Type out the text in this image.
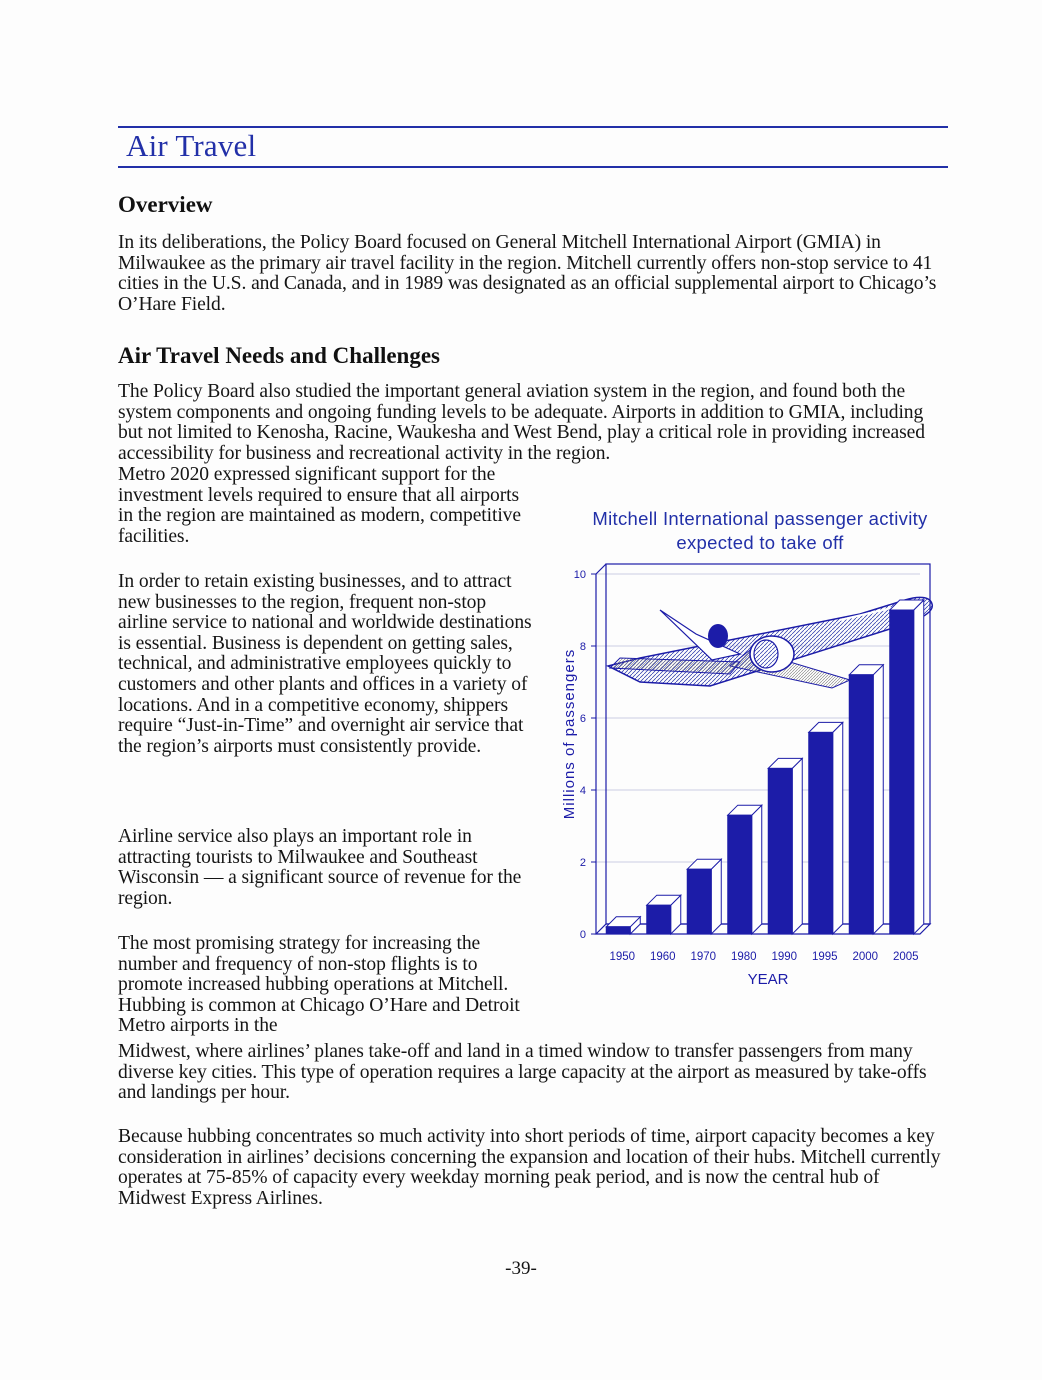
Air Travel
Overview

In its deliberations, the Policy Board focused on General Mitchell International Airport (GMIA) in Milwaukee as the primary air travel facility in the region. Mitchell currently offers non-stop service to 41 cities in the U.S. and Canada, and in 1989 was designated as an official supplemental airport to Chicago’s O’Hare Field.

Air Travel Needs and Challenges

The Policy Board also studied the important general aviation system in the region, and found both the system components and ongoing funding levels to be adequate. Airports in addition to GMIA, including but not limited to Kenosha, Racine, Waukesha and West Bend, play a critical role in providing increased accessibility for business and recreational activity in the region.

Metro 2020 expressed significant support for the investment levels required to ensure that all airports in the region are maintained as modern, competitive facilities.

In order to retain existing businesses, and to attract new businesses to the region, frequent non-stop airline service to national and worldwide destinations is essential. Business is dependent on getting sales, technical, and administrative employees quickly to customers and other plants and offices in a variety of locations. And in a competitive economy, shippers require “Just-in-Time” and overnight air service that the region’s airports must consistently provide.

Airline service also plays an important role in attracting tourists to Milwaukee and Southeast Wisconsin — a significant source of revenue for the region.

The most promising strategy for increasing the number and frequency of non-stop flights is to promote increased hubbing operations at Mitchell. Hubbing is common at Chicago O’Hare and Detroit Metro airports in the

Midwest, where airlines’ planes take-off and land in a timed window to transfer passengers from many diverse key cities. This type of operation requires a large capacity at the airport as measured by take-offs and landings per hour.

Because hubbing concentrates so much activity into short periods of time, airport capacity becomes a key consideration in airlines’ decisions concerning the expansion and location of their hubs. Mitchell currently operates at 75-85% of capacity every weekday morning peak period, and is now the central hub of Midwest Express Airlines.

Mitchell International passenger activity
expected to take off
0
2
4
6
8
10
Millions of passengers
1950 1960 1970 1980 1990 1995 2000 2005
YEAR
-39-
